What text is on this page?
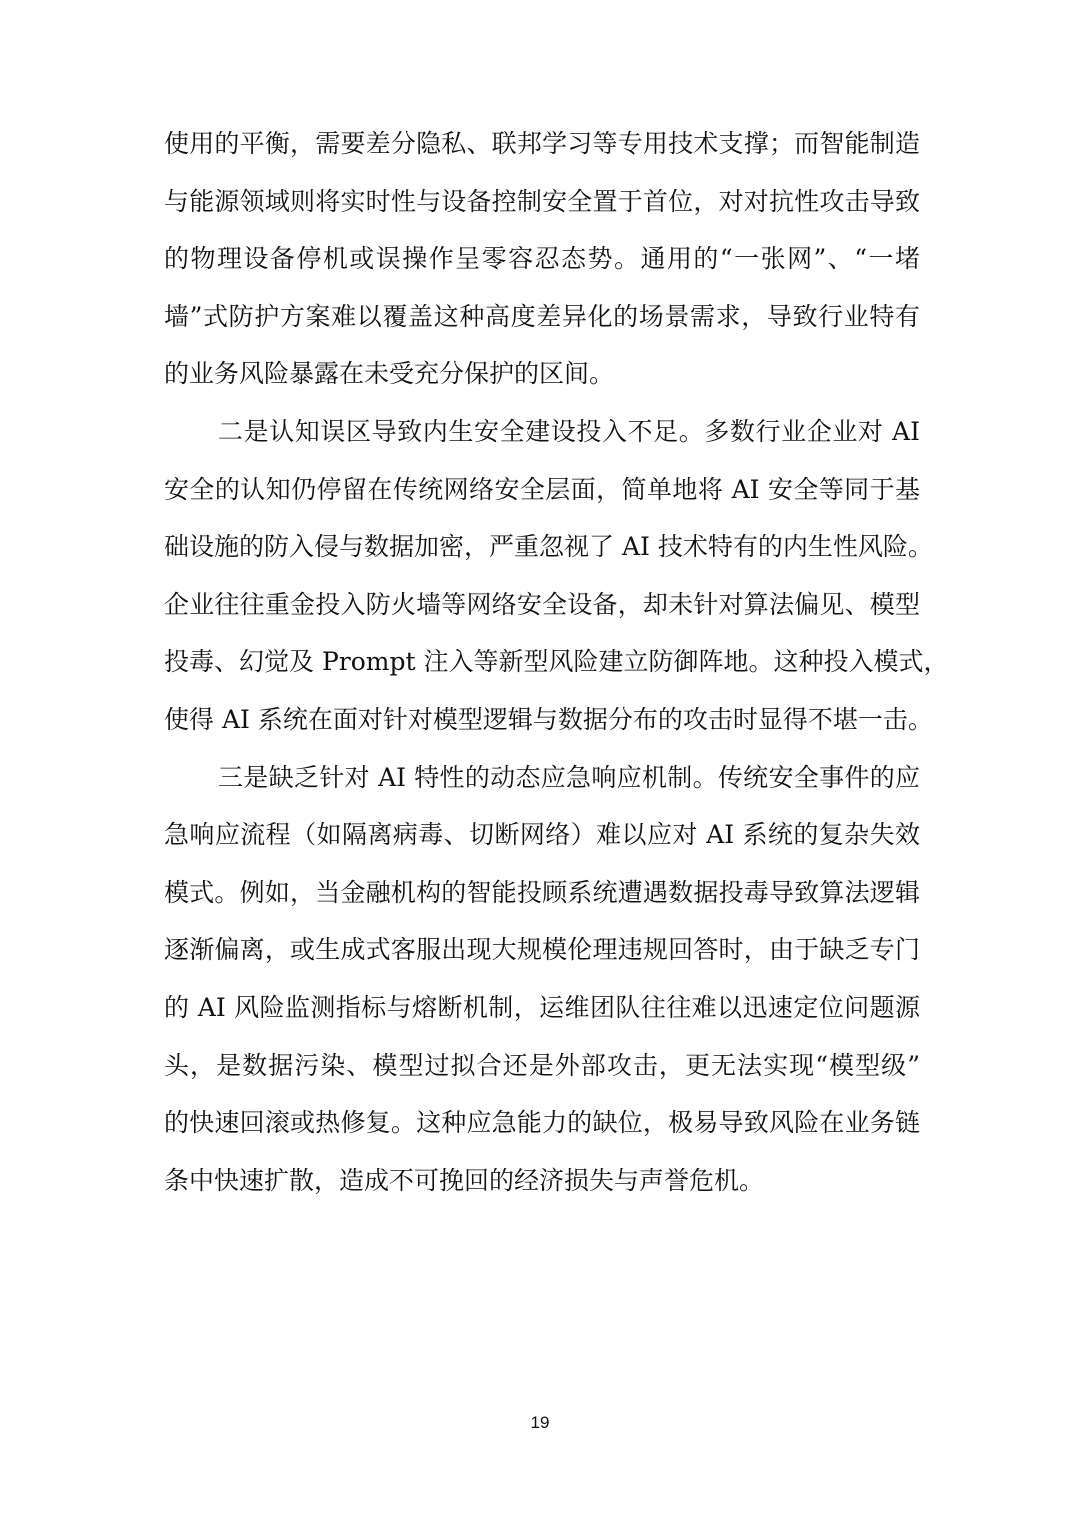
使用的平衡，需要差分隐私、联邦学习等专用技术支撑；而智能制造
与能源领域则将实时性与设备控制安全置于首位，对对抗性攻击导致
的物理设备停机或误操作呈零容忍态势。通用的“一张网”、“一堵
墙”式防护方案难以覆盖这种高度差异化的场景需求，导致行业特有
的业务风险暴露在未受充分保护的区间。
二是认知误区导致内生安全建设投入不足。多数行业企业对 AI
安全的认知仍停留在传统网络安全层面，简单地将 AI 安全等同于基
础设施的防入侵与数据加密，严重忽视了 AI 技术特有的内生性风险。
企业往往重金投入防火墙等网络安全设备，却未针对算法偏见、模型
投毒、幻觉及 Prompt 注入等新型风险建立防御阵地。这种投入模式，
使得 AI 系统在面对针对模型逻辑与数据分布的攻击时显得不堪一击。
三是缺乏针对 AI 特性的动态应急响应机制。传统安全事件的应
急响应流程（如隔离病毒、切断网络）难以应对 AI 系统的复杂失效
模式。例如，当金融机构的智能投顾系统遭遇数据投毒导致算法逻辑
逐渐偏离，或生成式客服出现大规模伦理违规回答时，由于缺乏专门
的 AI 风险监测指标与熔断机制，运维团队往往难以迅速定位问题源
头，是数据污染、模型过拟合还是外部攻击，更无法实现“模型级”
的快速回滚或热修复。这种应急能力的缺位，极易导致风险在业务链
条中快速扩散，造成不可挽回的经济损失与声誉危机。
19
